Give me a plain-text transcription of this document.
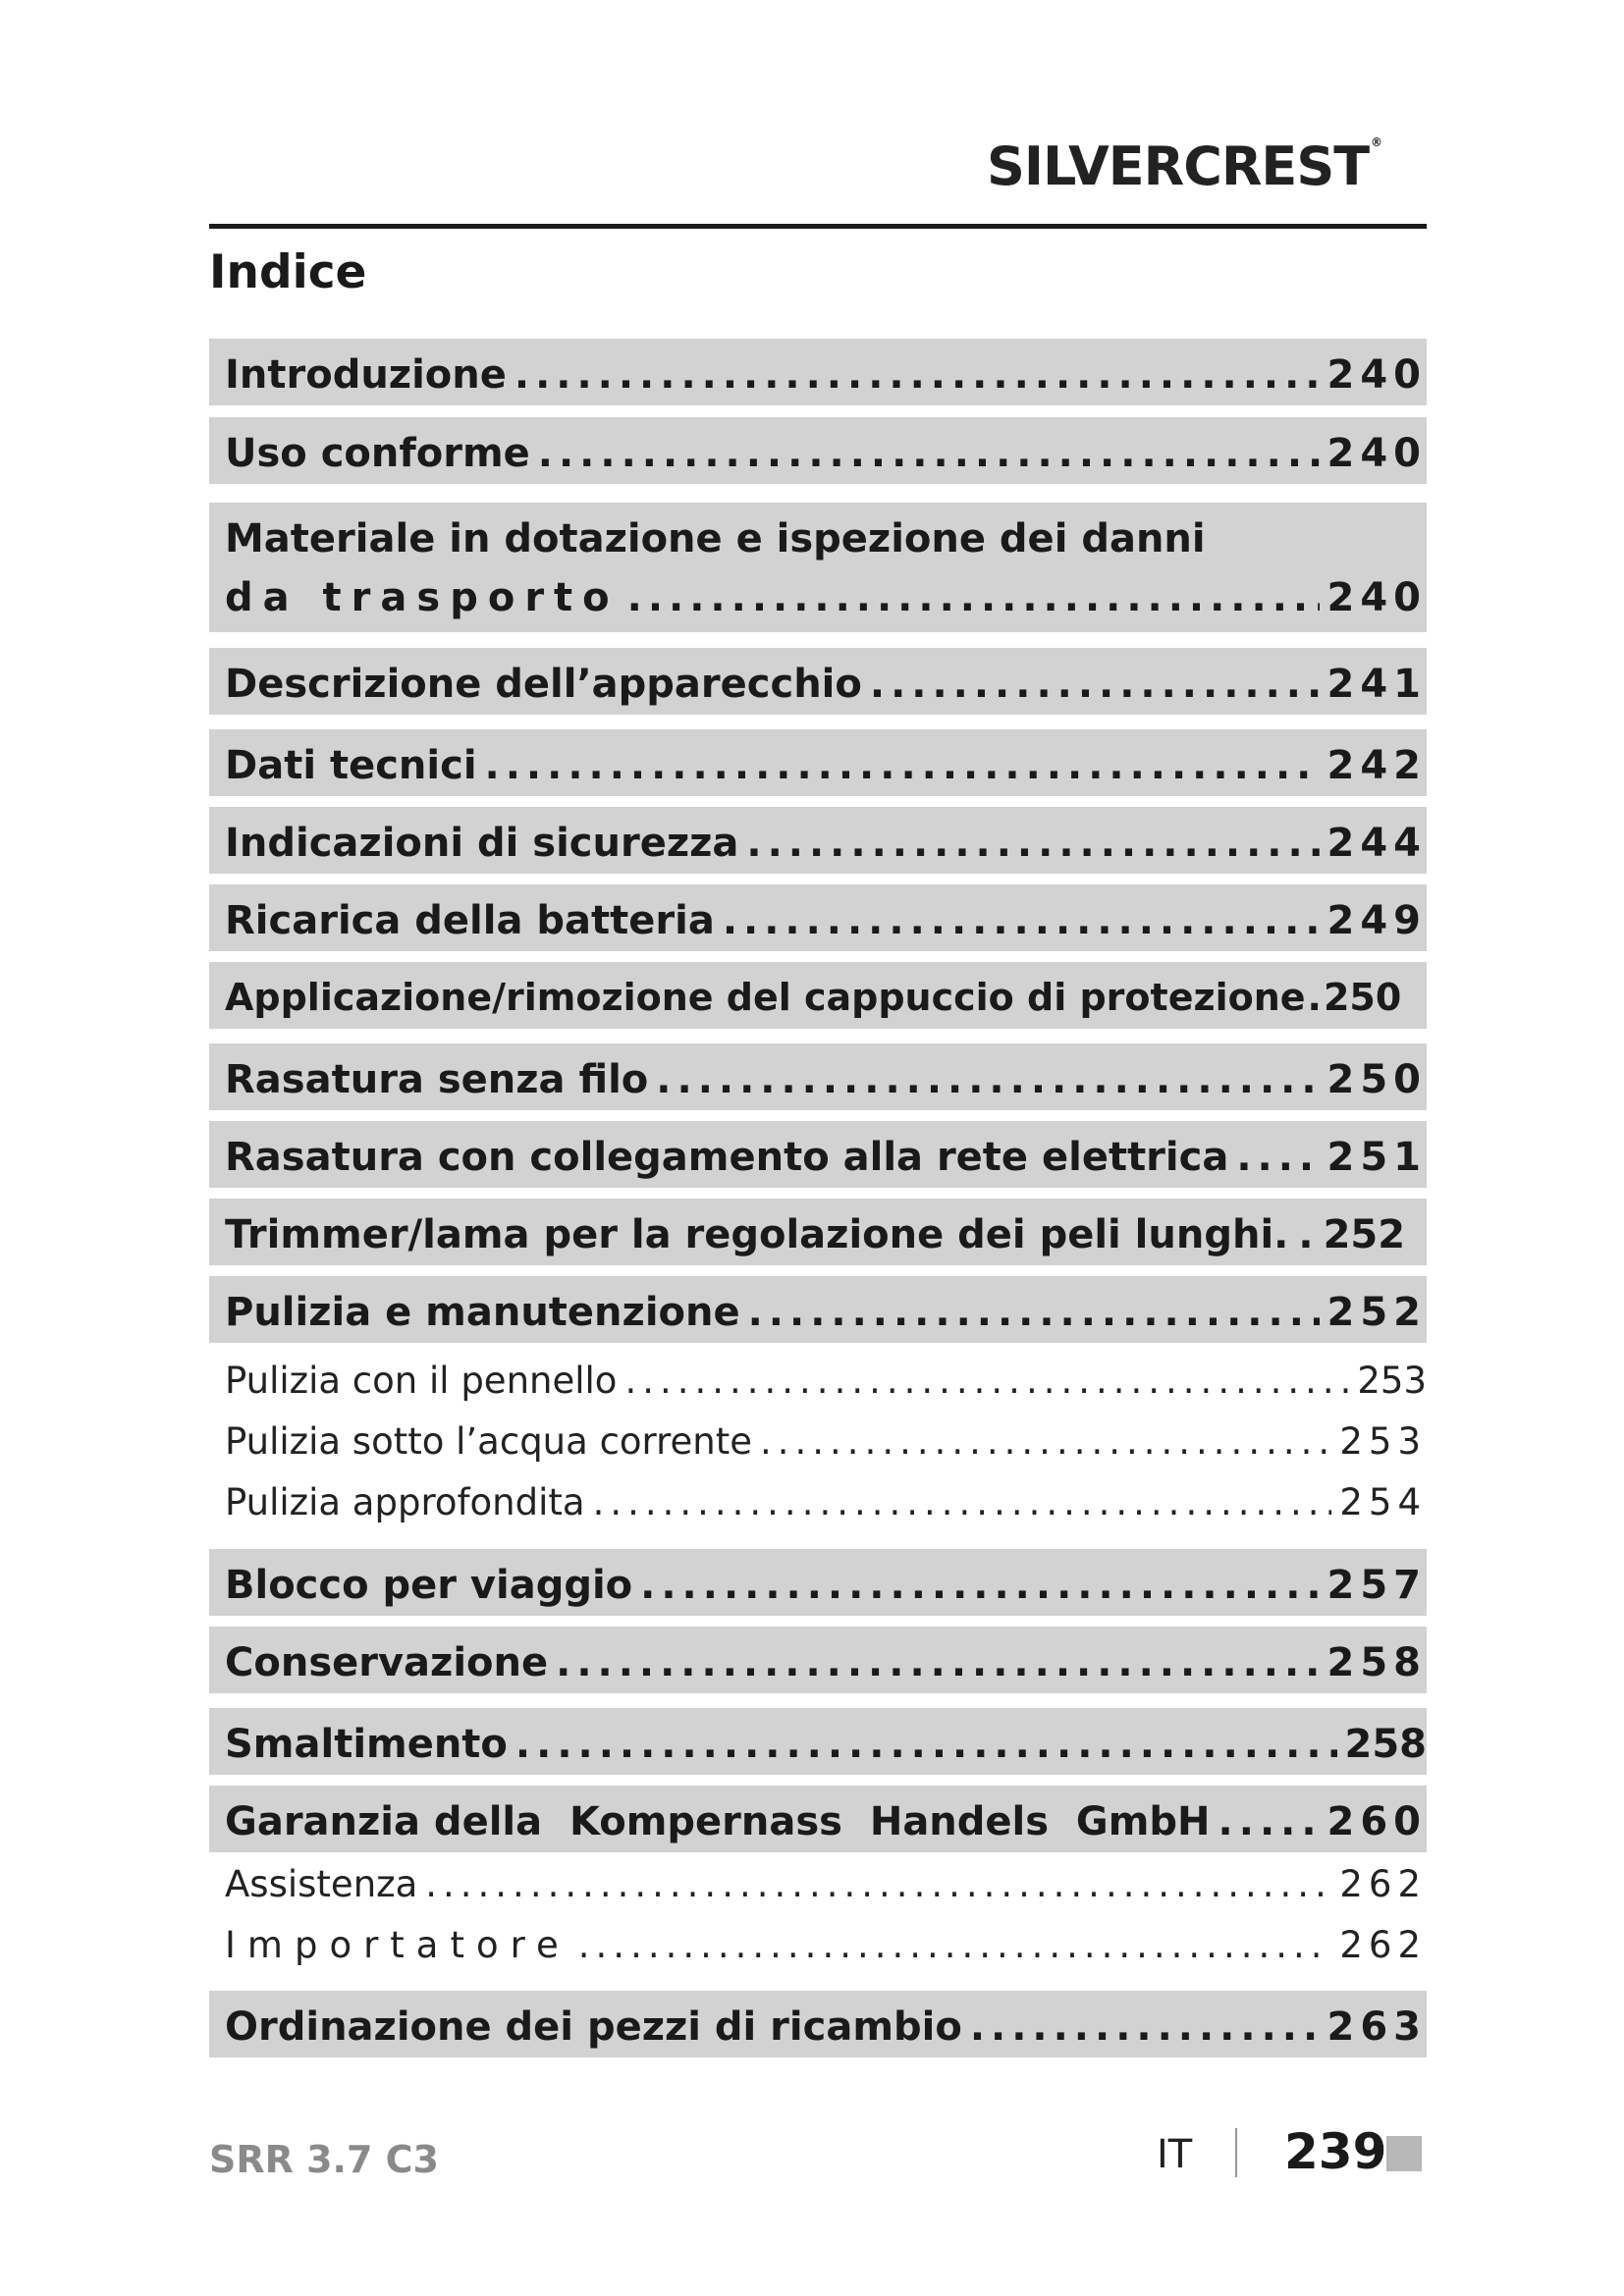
SILVERCREST ®
Indice
Introduzione .....	240
Uso conforme .....	240
Materiale in dotazione e ispezione dei danni
da trasporto .....	240
Descrizione dell’apparecchio .....	241
Dati tecnici .....	242
Indicazioni di sicurezza .....	244
Ricarica della batteria .....	249
Applicazione/rimozione del cappuccio di protezione . 250
Rasatura senza filo .....	250
Rasatura con collegamento alla rete elettrica .....	251
Trimmer/lama per la regolazione dei peli lunghi. . 252
Pulizia e manutenzione .....	252
Pulizia con il pennello .....	253
Pulizia sotto l’acqua corrente .....	253
Pulizia approfondita .....	254
Blocco per viaggio .....	257
Conservazione .....	258
Smaltimento .....	258
Garanzia della  Kompernass  Handels  GmbH .....	260
Assistenza .....	262
Importatore .....	262
Ordinazione dei pezzi di ricambio .....	263
SRR 3.7 C3	IT 239
